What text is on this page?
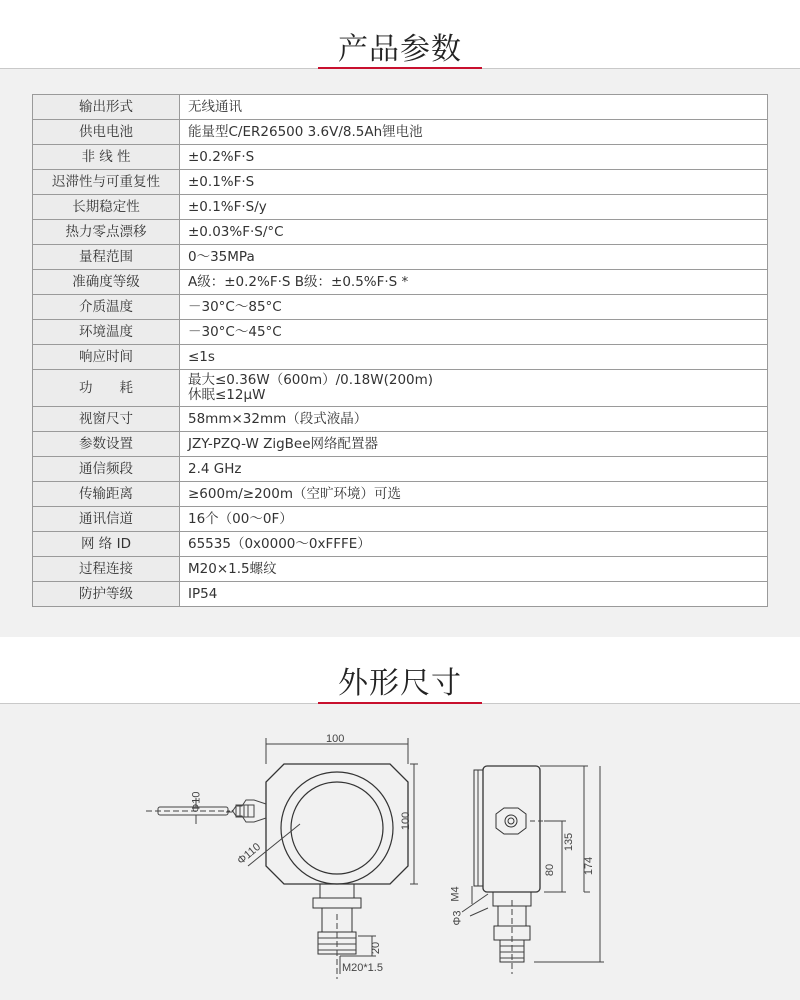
产品参数
输出形式	无线通讯
供电电池	能量型C/ER26500 3.6V/8.5Ah锂电池
非 线 性	±0.2%F·S
迟滞性与可重复性	±0.1%F·S
长期稳定性	±0.1%F·S/y
热力零点漂移	±0.03%F·S/°C
量程范围	0～35MPa
准确度等级	A级：±0.2%F·S B级：±0.5%F·S *
介质温度	－30°C～85°C
环境温度	－30°C～45°C
响应时间	≤1s
功　　耗	最大≤0.36W（600m）/0.18W(200m)
休眠≤12μW

视窗尺寸	58mm×32mm（段式液晶）
参数设置	JZY-PZQ-W ZigBee网络配置器
通信频段	2.4 GHz
传输距离	≥600m/≥200m（空旷环境）可选
通讯信道	16个（00～0F）
网 络 ID	65535（0x0000～0xFFFE）
过程连接	M20×1.5螺纹
防护等级	IP54
外形尺寸
100
100
Φ110
Φ10
20
M20*1.5
135
174
80
M4
Φ3
